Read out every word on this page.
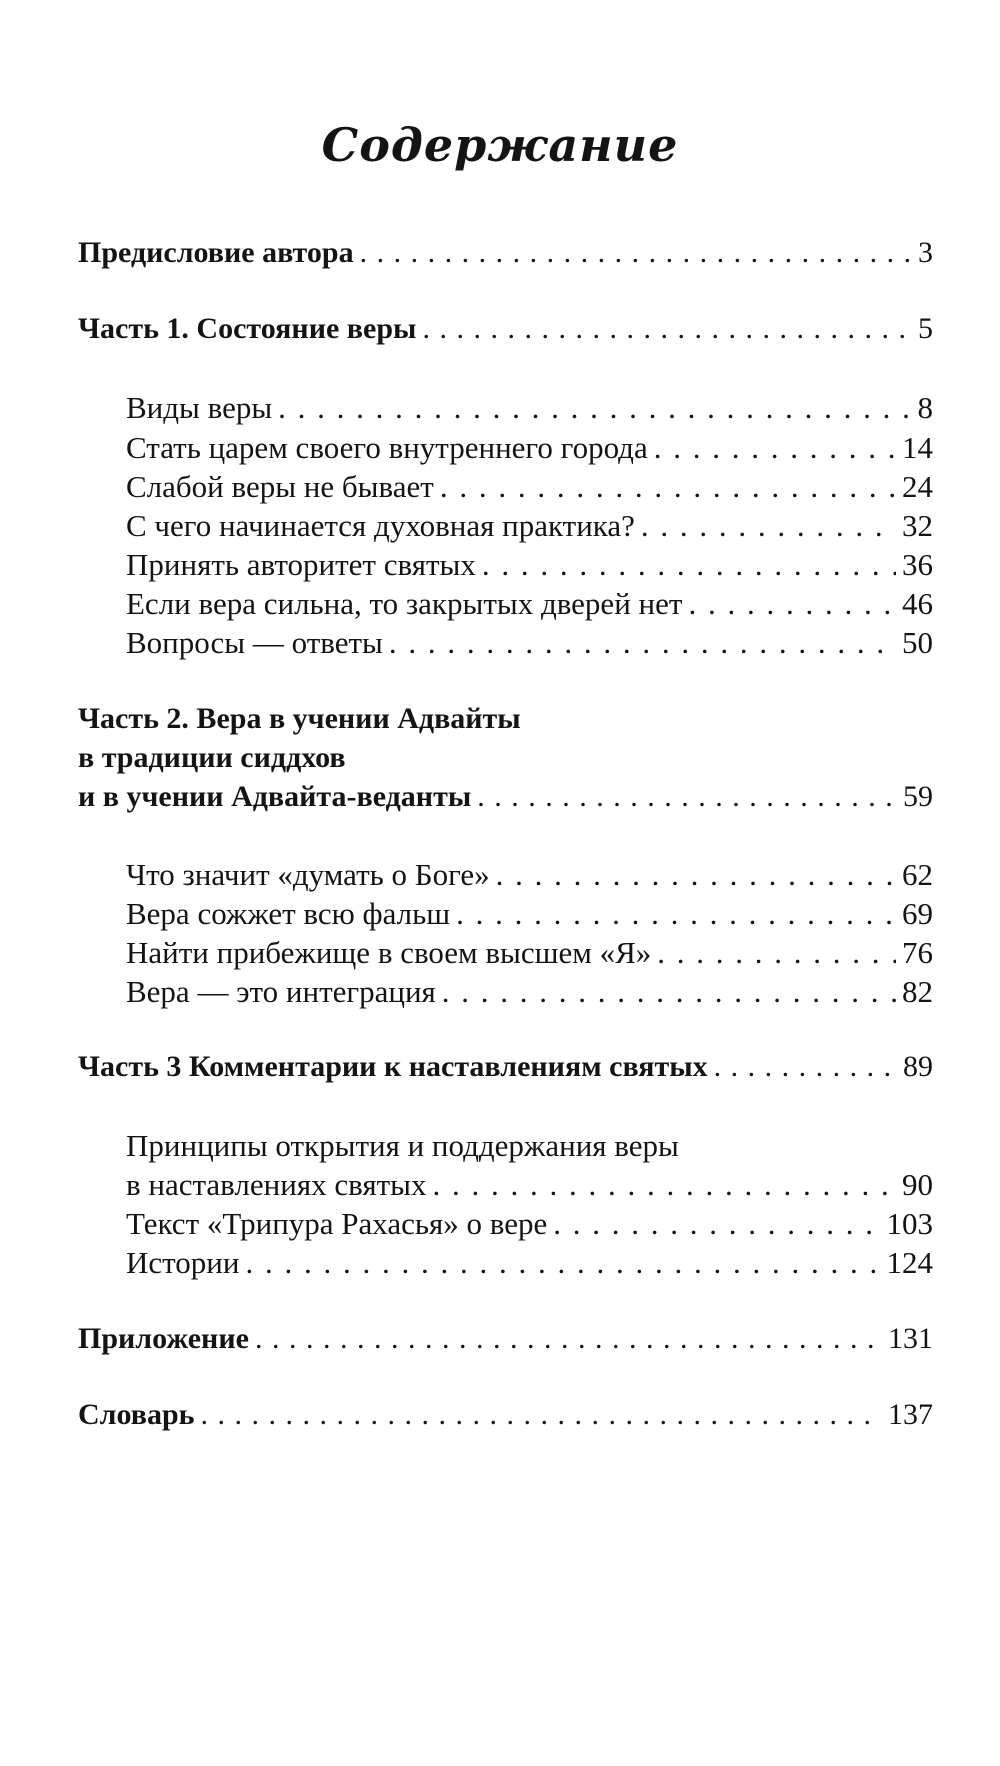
Содержание
Предисловие автора . . .	3
Часть 1. Состояние веры . . .	5
Виды веры . . .	8
Стать царем своего внутреннего города . . .	14
Слабой веры не бывает . . .	24
С чего начинается духовная практика? . . .	32
Принять авторитет святых . . .	36
Если вера сильна, то закрытых дверей нет . . .	46
Вопросы — ответы . . .	50
Часть 2. Вера в учении Адвайты
в традиции сиддхов
и в учении Адвайта-веданты . . .	59
Что значит «думать о Боге» . . .	62
Вера сожжет всю фальш . . .	69
Найти прибежище в своем высшем «Я» . . .	76
Вера — это интеграция . . .	82
Часть 3 Комментарии к наставлениям святых . . .	89
Принципы открытия и поддержания веры
в наставлениях святых . . .	90
Текст «Трипура Рахасья» о вере . . .	103
Истории . . .	124
Приложение . . .	131
Словарь . . .	137
